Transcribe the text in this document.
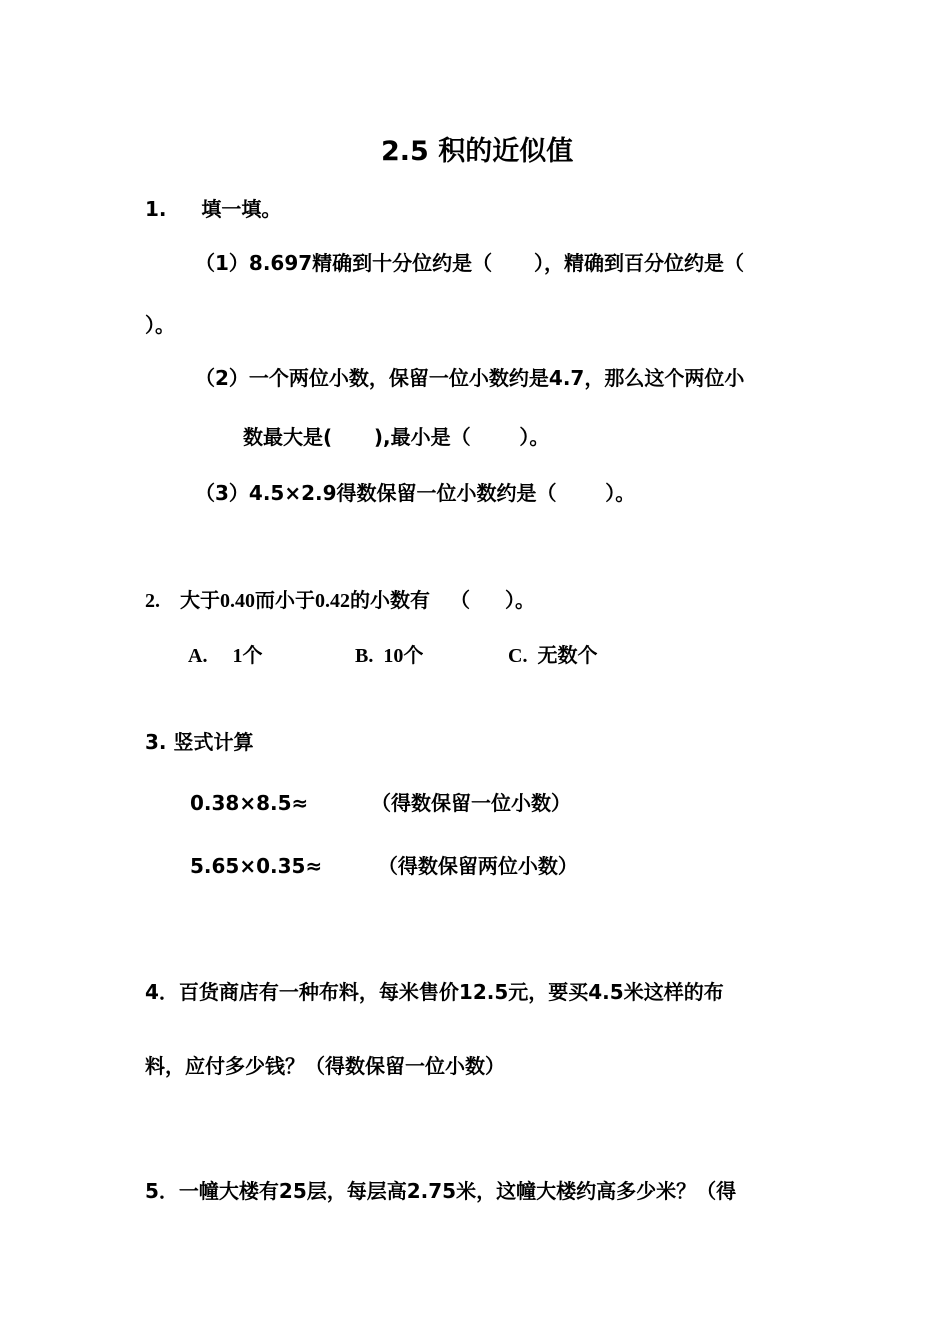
2.5 积的近似值
1.     填一填。
（1）8.697精确到十分位约是（      ），精确到百分位约是（
）。
（2）一个两位小数，保留一位小数约是4.7，那么这个两位小
数最大是(      ),最小是（       ）。
（3）4.5×2.9得数保留一位小数约是（       ）。
2.    大于0.40而小于0.42的小数有    （       ）。
A.     1个	B.  10个	C.  无数个
3. 竖式计算
0.38×8.5≈         （得数保留一位小数）
5.65×0.35≈        （得数保留两位小数）
4．百货商店有一种布料，每米售价12.5元，要买4.5米这样的布
料，应付多少钱？（得数保留一位小数）
5．一幢大楼有25层，每层高2.75米，这幢大楼约高多少米？（得
